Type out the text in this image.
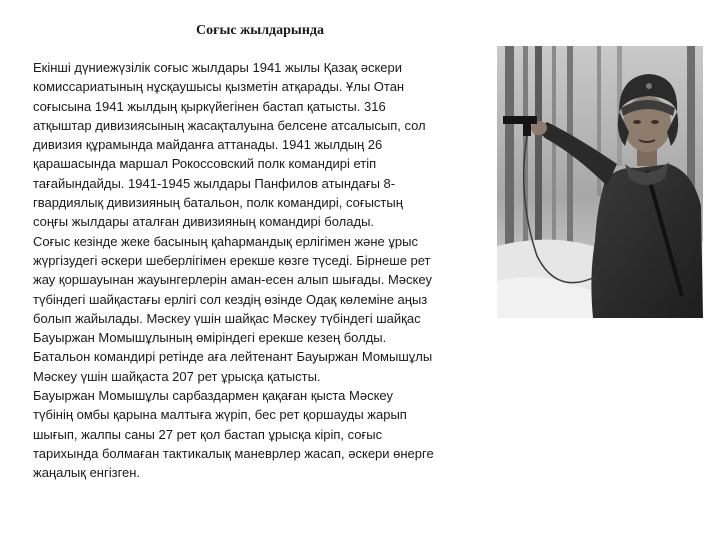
Соғыс жылдарында
Екінші дүниежүзілік соғыс жылдары 1941 жылы Қазақ әскери
комиссариатының нұсқаушысы қызметін атқарады. Ұлы Отан
соғысына 1941 жылдың қыркүйегінен бастап қатысты. 316
атқыштар дивизиясының жасақталуына белсене атсалысып, сол
дивизия құрамында майданға аттанады. 1941 жылдың 26
қарашасында маршал Рокоссовский полк командирі етіп
тағайындайды. 1941-1945 жылдары Панфилов атындағы 8-
гвардиялық дивизияның батальон, полк командирі, соғыстың
соңғы жылдары аталған дивизияның командирі болады.
Соғыс кезінде жеке басының қаһармандық ерлігімен және ұрыс
жүргізудегі әскери шеберлігімен ерекше көзге түседі. Бірнеше рет
жау қоршауынан жауынгерлерін аман-есен алып шығады. Мәскеу
түбіндегі шайқастағы ерлігі сол кездің өзінде Одақ көлеміне аңыз
болып жайылады. Мәскеу үшін шайқас Мәскеу түбіндегі шайқас
Бауыржан Момышұлының өміріндегі ерекше кезең болды.
Батальон командирі ретінде аға лейтенант Бауыржан Момышұлы
Мәскеу үшін шайқаста 207 рет ұрысқа қатысты.
Бауыржан Момышұлы сарбаздармен қақаған қыста Мәскеу
түбінің омбы қарына малтыға жүріп, бес рет қоршауды жарып
шығып, жалпы саны 27 рет қол бастап ұрысқа кіріп, соғыс
тарихында болмаған тактикалық маневрлер жасап, әскери өнерге
жаңалық енгізген.
